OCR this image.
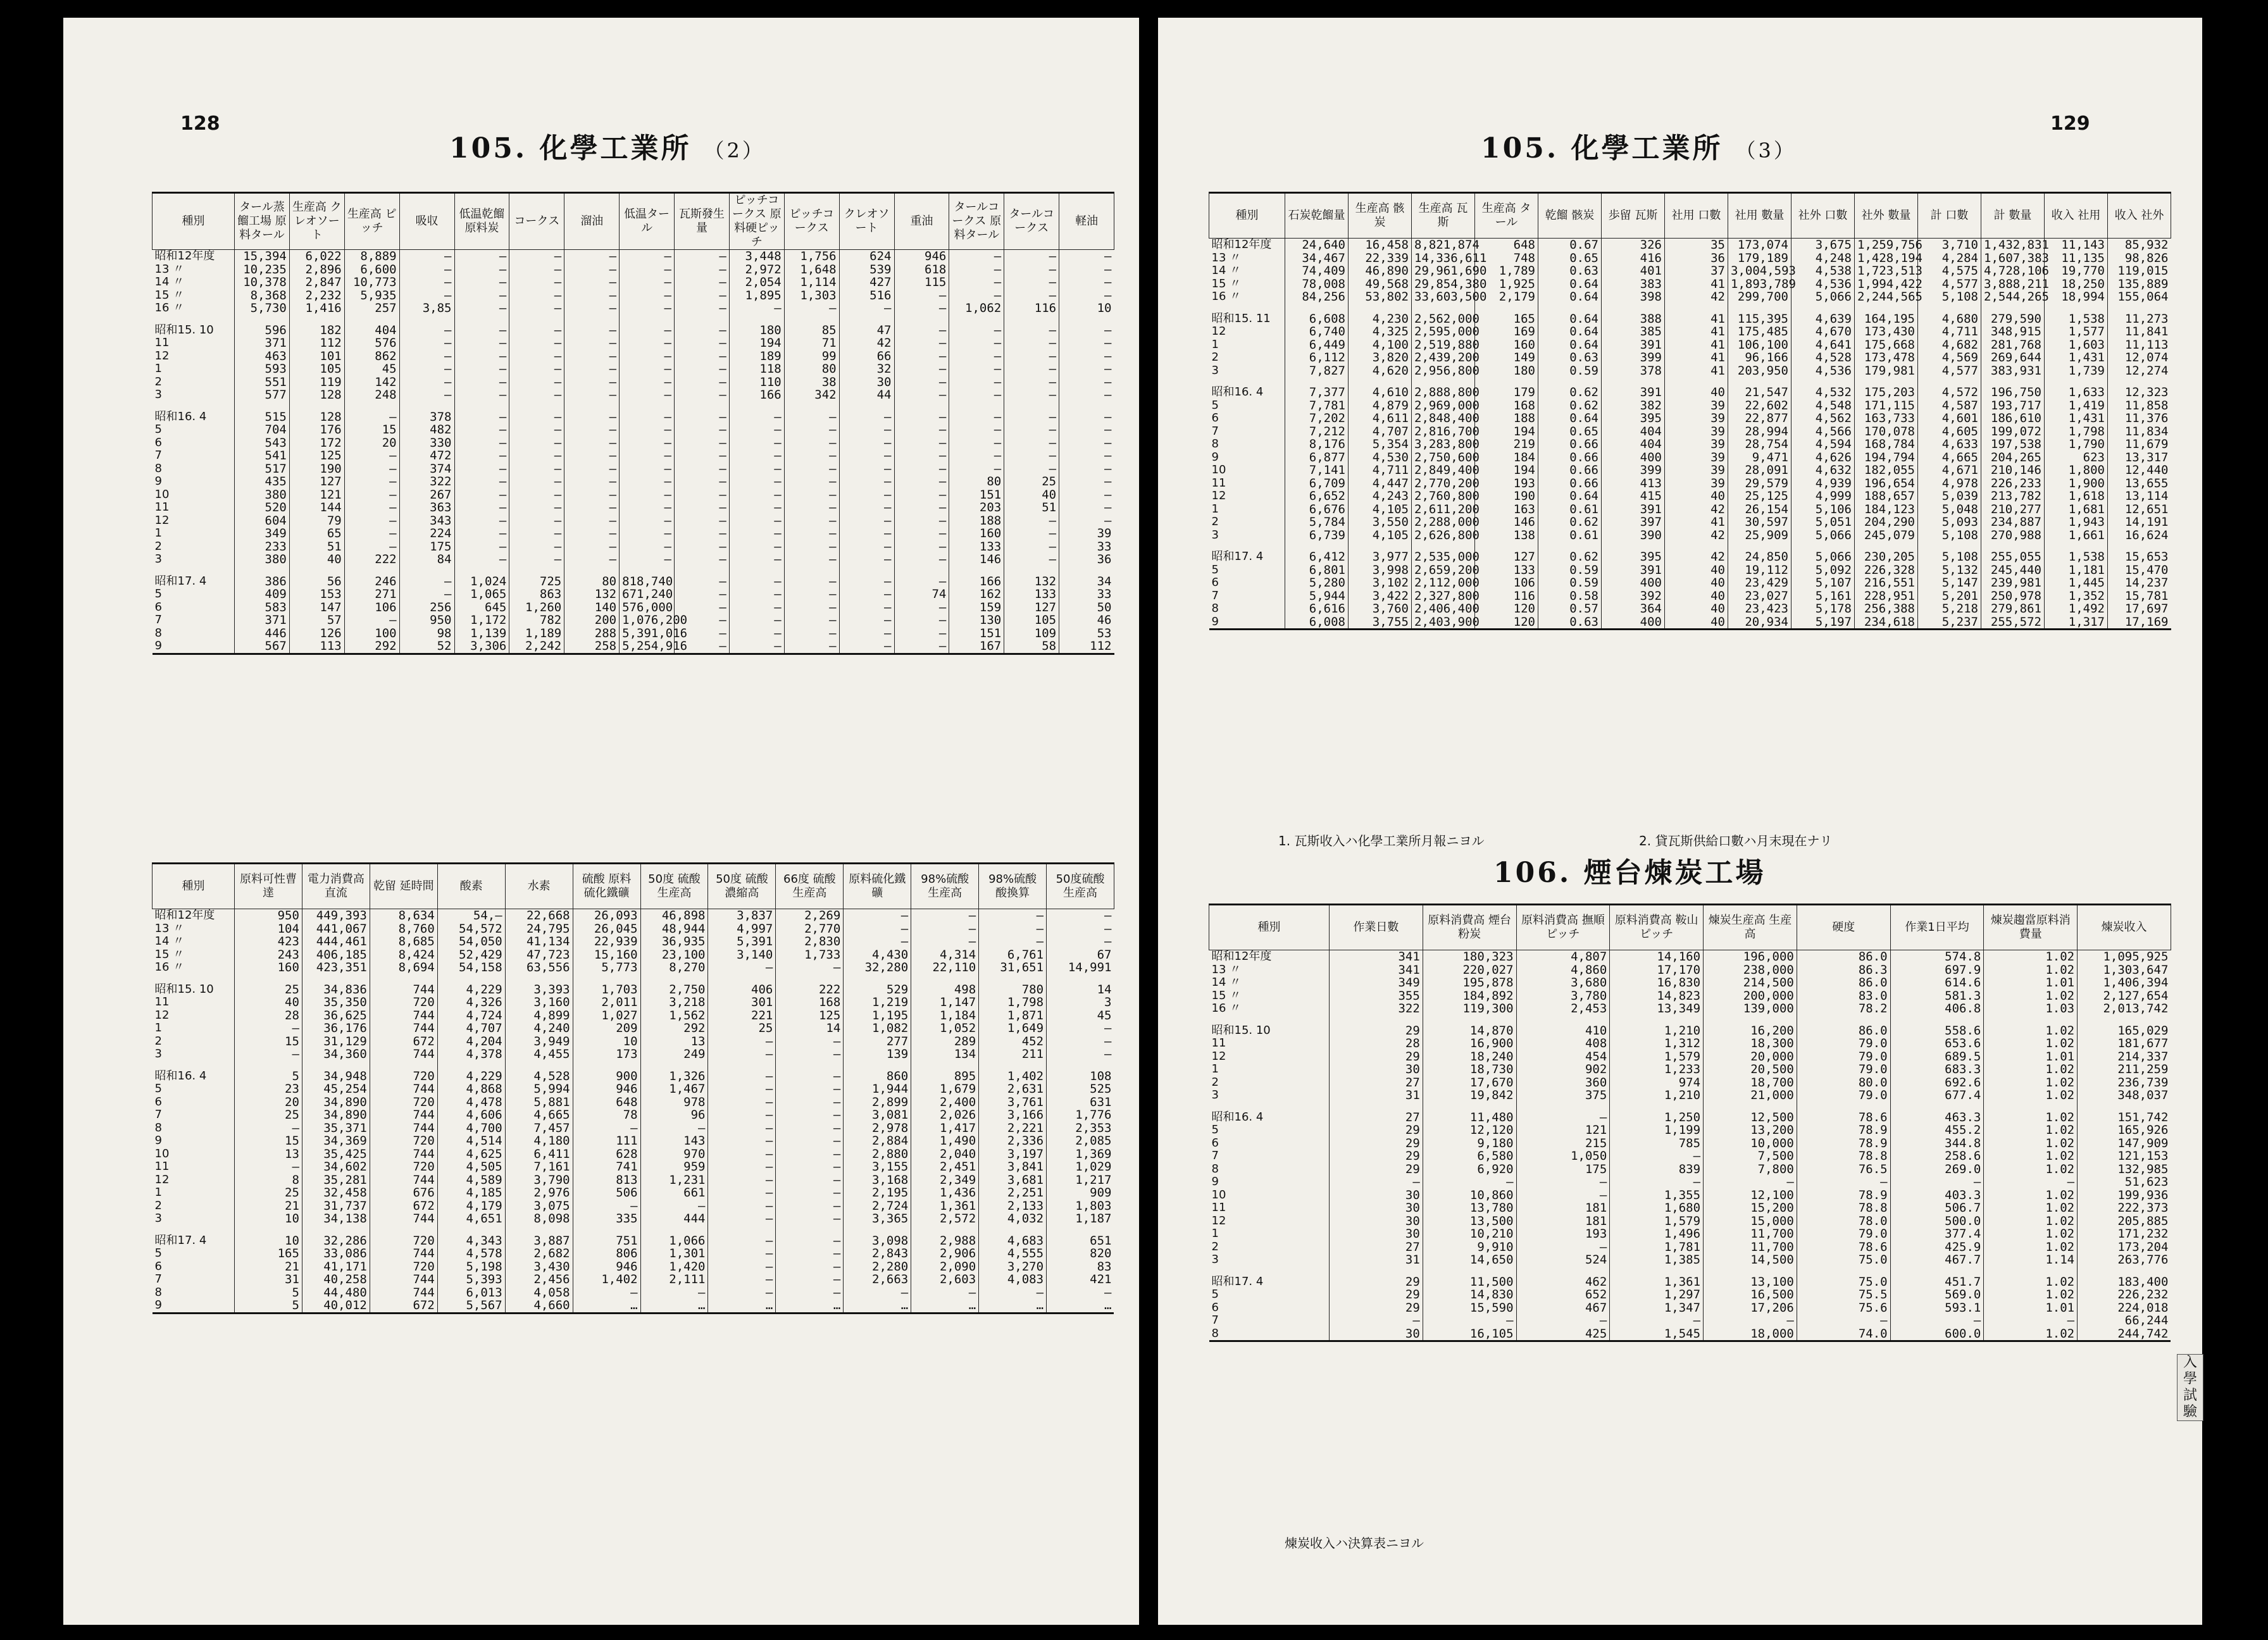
128
105. 化學工業所 （2）
種別	タール蒸餾工場 原料タール	生産高 クレオソート	生産高 ピッチ	吸収	低温乾餾 原料炭	コークス	溜油	低温タール	瓦斯發生量	ピッチコークス 原料硬ピッチ	ピッチコークス	クレオソート	重油	タールコークス 原料タール	タールコークス	軽油
昭和12年度	15,394	6,022	8,889	—	—	—	—	—	—	3,448	1,756	624	946	—	—	—
13 〃	10,235	2,896	6,600	—	—	—	—	—	—	2,972	1,648	539	618	—	—	—
14 〃	10,378	2,847	10,773	—	—	—	—	—	—	2,054	1,114	427	115	—	—	—
15 〃	8,368	2,232	5,935	—	—	—	—	—	—	1,895	1,303	516	—	—	—	—
16 〃	5,730	1,416	257	3,85	—	—	—	—	—	—	—	—	—	1,062	116	10

昭和15. 10	596	182	404	—	—	—	—	—	—	180	85	47	—	—	—	—
11	371	112	576	—	—	—	—	—	—	194	71	42	—	—	—	—
12	463	101	862	—	—	—	—	—	—	189	99	66	—	—	—	—
1	593	105	45	—	—	—	—	—	—	118	80	32	—	—	—	—
2	551	119	142	—	—	—	—	—	—	110	38	30	—	—	—	—
3	577	128	248	—	—	—	—	—	—	166	342	44	—	—	—	—

昭和16. 4	515	128	—	378	—	—	—	—	—	—	—	—	—	—	—	—
5	704	176	15	482	—	—	—	—	—	—	—	—	—	—	—	—
6	543	172	20	330	—	—	—	—	—	—	—	—	—	—	—	—
7	541	125	—	472	—	—	—	—	—	—	—	—	—	—	—	—
8	517	190	—	374	—	—	—	—	—	—	—	—	—	—	—	—
9	435	127	—	322	—	—	—	—	—	—	—	—	—	80	25	—
10	380	121	—	267	—	—	—	—	—	—	—	—	—	151	40	—
11	520	144	—	363	—	—	—	—	—	—	—	—	—	203	51	—
12	604	79	—	343	—	—	—	—	—	—	—	—	—	188	—	—
1	349	65	—	224	—	—	—	—	—	—	—	—	—	160	—	39
2	233	51	—	175	—	—	—	—	—	—	—	—	—	133	—	33
3	380	40	222	84	—	—	—	—	—	—	—	—	—	146	—	36

昭和17. 4	386	56	246	—	1,024	725	80	818,740	—	—	—	—	—	166	132	34
5	409	153	271	—	1,065	863	132	671,240	—	—	—	—	74	162	133	33
6	583	147	106	256	645	1,260	140	576,000	—	—	—	—	—	159	127	50
7	371	57	—	950	1,172	782	200	1,076,200	—	—	—	—	—	130	105	46
8	446	126	100	98	1,139	1,189	288	5,391,016	—	—	—	—	—	151	109	53
9	567	113	292	52	3,306	2,242	258	5,254,916	—	—	—	—	—	167	58	112
種別	原料可性曹達	電力消費高 直流	乾留 延時間	酸素	水素	硫酸 原料 硫化鐵礦	50度 硫酸 生産高	50度 硫酸 濃縮高	66度 硫酸 生産高	原料硫化鐵礦	98%硫酸 生産高	98%硫酸 酸換算	50度硫酸 生産高
昭和12年度	950	449,393	8,634	54,—	22,668	26,093	46,898	3,837	2,269	—	—	—	—
13 〃	104	441,067	8,760	54,572	24,795	26,045	48,944	4,997	2,770	—	—	—	—
14 〃	423	444,461	8,685	54,050	41,134	22,939	36,935	5,391	2,830	—	—	—	—
15 〃	243	406,185	8,424	52,429	47,723	15,160	23,100	3,140	1,733	4,430	4,314	6,761	67
16 〃	160	423,351	8,694	54,158	63,556	5,773	8,270	—	—	32,280	22,110	31,651	14,991

昭和15. 10	25	34,836	744	4,229	3,393	1,703	2,750	406	222	529	498	780	14
11	40	35,350	720	4,326	3,160	2,011	3,218	301	168	1,219	1,147	1,798	3
12	28	36,625	744	4,724	4,899	1,027	1,562	221	125	1,195	1,184	1,871	45
1	—	36,176	744	4,707	4,240	209	292	25	14	1,082	1,052	1,649	—
2	15	31,129	672	4,204	3,949	10	13	—	—	277	289	452	—
3	—	34,360	744	4,378	4,455	173	249	—	—	139	134	211	—

昭和16. 4	5	34,948	720	4,229	4,528	900	1,326	—	—	860	895	1,402	108
5	23	45,254	744	4,868	5,994	946	1,467	—	—	1,944	1,679	2,631	525
6	20	34,890	720	4,478	5,881	648	978	—	—	2,899	2,400	3,761	631
7	25	34,890	744	4,606	4,665	78	96	—	—	3,081	2,026	3,166	1,776
8	—	35,371	744	4,700	7,457	—	—	—	—	2,978	1,417	2,221	2,353
9	15	34,369	720	4,514	4,180	111	143	—	—	2,884	1,490	2,336	2,085
10	13	35,425	744	4,625	6,411	628	970	—	—	2,880	2,040	3,197	1,369
11	—	34,602	720	4,505	7,161	741	959	—	—	3,155	2,451	3,841	1,029
12	8	35,281	744	4,589	3,790	813	1,231	—	—	3,168	2,349	3,681	1,217
1	25	32,458	676	4,185	2,976	506	661	—	—	2,195	1,436	2,251	909
2	21	31,737	672	4,179	3,075	—	—	—	—	2,724	1,361	2,133	1,803
3	10	34,138	744	4,651	8,098	335	444	—	—	3,365	2,572	4,032	1,187

昭和17. 4	10	32,286	720	4,343	3,887	751	1,066	—	—	3,098	2,988	4,683	651
5	165	33,086	744	4,578	2,682	806	1,301	—	—	2,843	2,906	4,555	820
6	21	41,171	720	5,198	3,430	946	1,420	—	—	2,280	2,090	3,270	83
7	31	40,258	744	5,393	2,456	1,402	2,111	—	—	2,663	2,603	4,083	421
8	5	44,480	744	6,013	4,058	—	—	—	—	—	—	—	—
9	5	40,012	672	5,567	4,660	…	…	…	…	…	…	…	…
129
105. 化學工業所 （3）
種別	石炭乾餾量	生産高 骸炭	生産高 瓦斯	生産高 タール	乾餾 骸炭	歩留 瓦斯	社用 口數	社用 數量	社外 口數	社外 數量	計 口數	計 數量	收入 社用	收入 社外
昭和12年度	24,640	16,458	8,821,874	648	0.67	326	35	173,074	3,675	1,259,756	3,710	1,432,831	11,143	85,932
13 〃	34,467	22,339	14,336,611	748	0.65	416	36	179,189	4,248	1,428,194	4,284	1,607,383	11,135	98,826
14 〃	74,409	46,890	29,961,690	1,789	0.63	401	37	3,004,593	4,538	1,723,513	4,575	4,728,106	19,770	119,015
15 〃	78,008	49,568	29,854,380	1,925	0.64	383	41	1,893,789	4,536	1,994,422	4,577	3,888,211	18,250	135,889
16 〃	84,256	53,802	33,603,500	2,179	0.64	398	42	299,700	5,066	2,244,565	5,108	2,544,265	18,994	155,064

昭和15. 11	6,608	4,230	2,562,000	165	0.64	388	41	115,395	4,639	164,195	4,680	279,590	1,538	11,273
12	6,740	4,325	2,595,000	169	0.64	385	41	175,485	4,670	173,430	4,711	348,915	1,577	11,841
1	6,449	4,100	2,519,880	160	0.64	391	41	106,100	4,641	175,668	4,682	281,768	1,603	11,113
2	6,112	3,820	2,439,200	149	0.63	399	41	96,166	4,528	173,478	4,569	269,644	1,431	12,074
3	7,827	4,620	2,956,800	180	0.59	378	41	203,950	4,536	179,981	4,577	383,931	1,739	12,274

昭和16. 4	7,377	4,610	2,888,800	179	0.62	391	40	21,547	4,532	175,203	4,572	196,750	1,633	12,323
5	7,781	4,879	2,969,000	168	0.62	382	39	22,602	4,548	171,115	4,587	193,717	1,419	11,858
6	7,202	4,611	2,848,400	188	0.64	395	39	22,877	4,562	163,733	4,601	186,610	1,431	11,376
7	7,212	4,707	2,816,700	194	0.65	404	39	28,994	4,566	170,078	4,605	199,072	1,798	11,834
8	8,176	5,354	3,283,800	219	0.66	404	39	28,754	4,594	168,784	4,633	197,538	1,790	11,679
9	6,877	4,530	2,750,600	184	0.66	400	39	9,471	4,626	194,794	4,665	204,265	623	13,317
10	7,141	4,711	2,849,400	194	0.66	399	39	28,091	4,632	182,055	4,671	210,146	1,800	12,440
11	6,709	4,447	2,770,200	193	0.66	413	39	29,579	4,939	196,654	4,978	226,233	1,900	13,655
12	6,652	4,243	2,760,800	190	0.64	415	40	25,125	4,999	188,657	5,039	213,782	1,618	13,114
1	6,676	4,105	2,611,200	163	0.61	391	42	26,154	5,106	184,123	5,048	210,277	1,681	12,651
2	5,784	3,550	2,288,000	146	0.62	397	41	30,597	5,051	204,290	5,093	234,887	1,943	14,191
3	6,739	4,105	2,626,800	138	0.61	390	42	25,909	5,066	245,079	5,108	270,988	1,661	16,624

昭和17. 4	6,412	3,977	2,535,000	127	0.62	395	42	24,850	5,066	230,205	5,108	255,055	1,538	15,653
5	6,801	3,998	2,659,200	133	0.59	391	40	19,112	5,092	226,328	5,132	245,440	1,181	15,470
6	5,280	3,102	2,112,000	106	0.59	400	40	23,429	5,107	216,551	5,147	239,981	1,445	14,237
7	5,944	3,422	2,327,800	116	0.58	392	40	23,027	5,161	228,951	5,201	250,978	1,352	15,781
8	6,616	3,760	2,406,400	120	0.57	364	40	23,423	5,178	256,388	5,218	279,861	1,492	17,697
9	6,008	3,755	2,403,900	120	0.63	400	40	20,934	5,197	234,618	5,237	255,572	1,317	17,169
1. 瓦斯收入ハ化學工業所月報ニヨル	2. 貸瓦斯供給口數ハ月末現在ナリ
106. 煙台煉炭工場
種別	作業日數	原料消費高 煙台粉炭	原料消費高 撫順ピッチ	原料消費高 鞍山ピッチ	煉炭生産高 生産高	硬度	作業1日平均	煉炭趨當原料消費量	煉炭收入
昭和12年度	341	180,323	4,807	14,160	196,000	86.0	574.8	1.02	1,095,925
13 〃	341	220,027	4,860	17,170	238,000	86.3	697.9	1.02	1,303,647
14 〃	349	195,878	3,680	16,830	214,500	86.0	614.6	1.01	1,406,394
15 〃	355	184,892	3,780	14,823	200,000	83.0	581.3	1.02	2,127,654
16 〃	322	119,300	2,453	13,349	139,000	78.2	406.8	1.03	2,013,742

昭和15. 10	29	14,870	410	1,210	16,200	86.0	558.6	1.02	165,029
11	28	16,900	408	1,312	18,300	79.0	653.6	1.02	181,677
12	29	18,240	454	1,579	20,000	79.0	689.5	1.01	214,337
1	30	18,730	902	1,233	20,500	79.0	683.3	1.02	211,259
2	27	17,670	360	974	18,700	80.0	692.6	1.02	236,739
3	31	19,842	375	1,210	21,000	79.0	677.4	1.02	348,037

昭和16. 4	27	11,480	—	1,250	12,500	78.6	463.3	1.02	151,742
5	29	12,120	121	1,199	13,200	78.9	455.2	1.02	165,926
6	29	9,180	215	785	10,000	78.9	344.8	1.02	147,909
7	29	6,580	1,050	—	7,500	78.8	258.6	1.02	121,153
8	29	6,920	175	839	7,800	76.5	269.0	1.02	132,985
9	—	—	—	—	—	—	—	—	51,623
10	30	10,860	—	1,355	12,100	78.9	403.3	1.02	199,936
11	30	13,780	181	1,680	15,200	78.8	506.7	1.02	222,373
12	30	13,500	181	1,579	15,000	78.0	500.0	1.02	205,885
1	30	10,210	193	1,496	11,700	79.0	377.4	1.02	171,232
2	27	9,910	—	1,781	11,700	78.6	425.9	1.02	173,204
3	31	14,650	524	1,385	14,500	75.0	467.7	1.14	263,776

昭和17. 4	29	11,500	462	1,361	13,100	75.0	451.7	1.02	183,400
5	29	14,830	652	1,297	16,500	75.5	569.0	1.02	226,232
6	29	15,590	467	1,347	17,206	75.6	593.1	1.01	224,018
7	—	—	—	—	—	—	—	—	66,244
8	30	16,105	425	1,545	18,000	74.0	600.0	1.02	244,742
煉炭收入ハ決算表ニヨル
入學試驗
